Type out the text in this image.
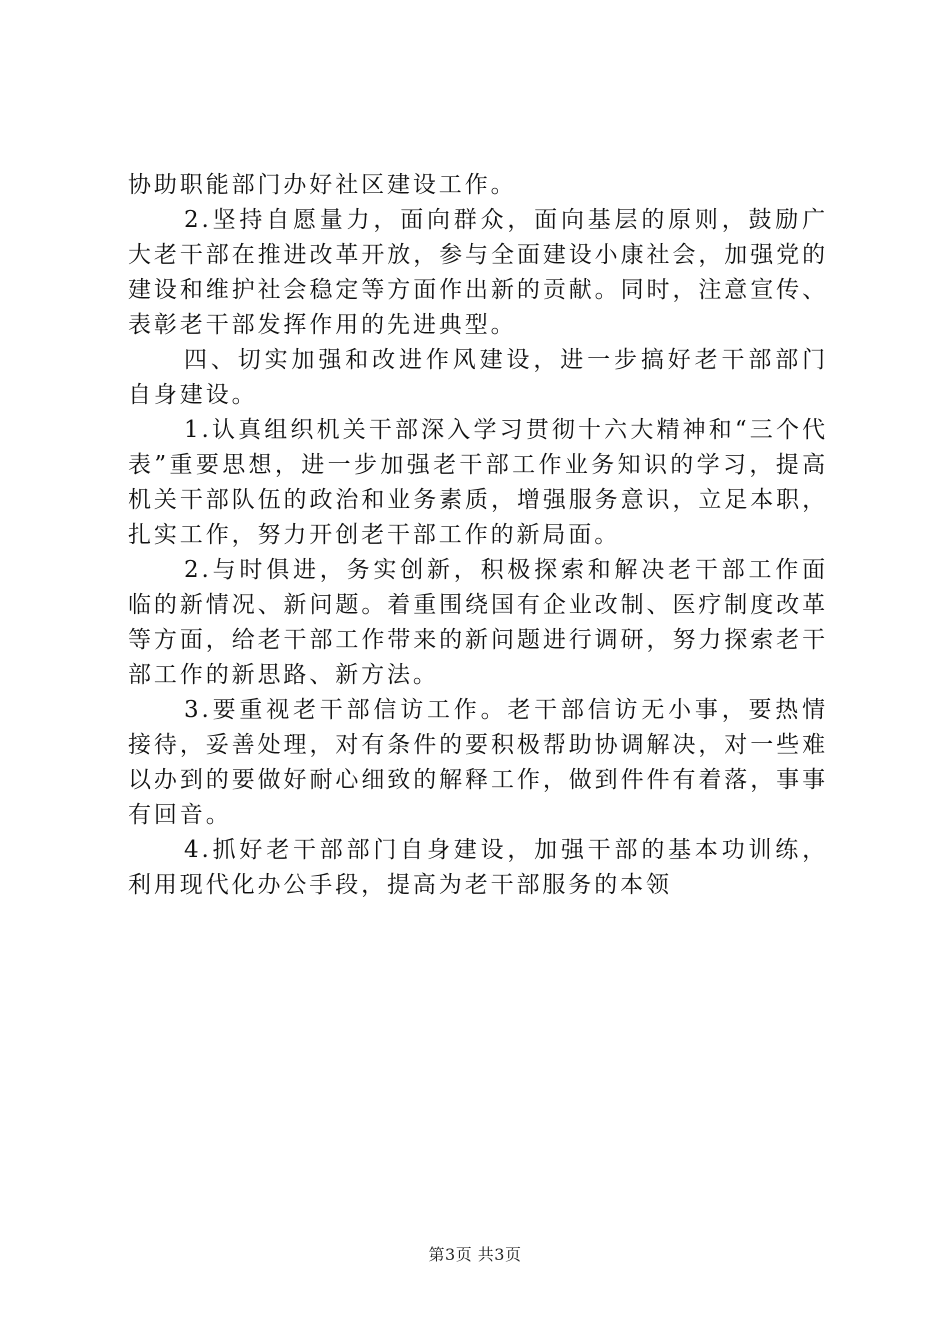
协助职能部门办好社区建设工作。

2.坚持自愿量力，面向群众，面向基层的原则，鼓励广大老干部在推进改革开放，参与全面建设小康社会，加强党的建设和维护社会稳定等方面作出新的贡献。同时，注意宣传、表彰老干部发挥作用的先进典型。

四、切实加强和改进作风建设，进一步搞好老干部部门自身建设。

1.认真组织机关干部深入学习贯彻十六大精神和“三个代表”重要思想，进一步加强老干部工作业务知识的学习，提高机关干部队伍的政治和业务素质，增强服务意识，立足本职，扎实工作，努力开创老干部工作的新局面。

2.与时俱进，务实创新，积极探索和解决老干部工作面临的新情况、新问题。着重围绕国有企业改制、医疗制度改革等方面，给老干部工作带来的新问题进行调研，努力探索老干部工作的新思路、新方法。

3.要重视老干部信访工作。老干部信访无小事，要热情接待，妥善处理，对有条件的要积极帮助协调解决，对一些难以办到的要做好耐心细致的解释工作，做到件件有着落，事事有回音。

4.抓好老干部部门自身建设，加强干部的基本功训练，利用现代化办公手段，提高为老干部服务的本领

第3页 共3页
